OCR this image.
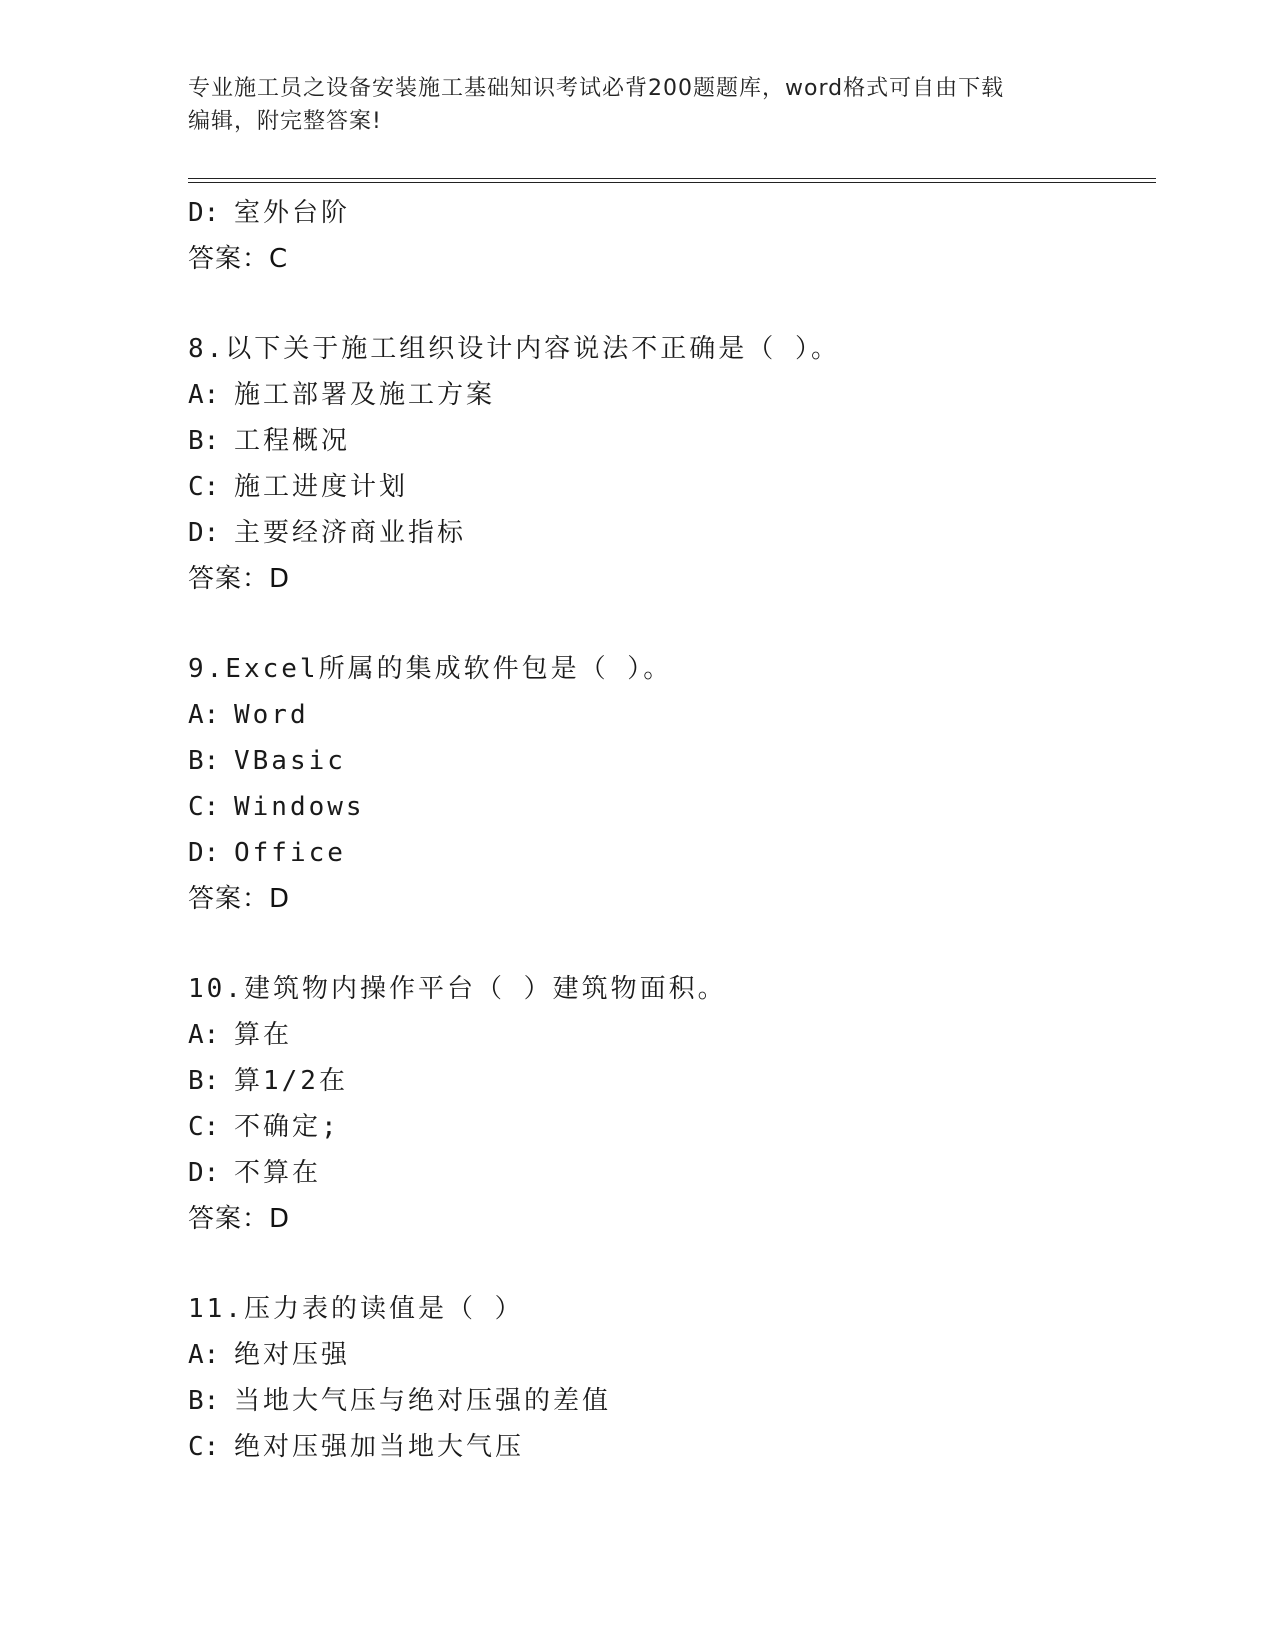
专业施工员之设备安装施工基础知识考试必背200题题库，word格式可自由下载
编辑，附完整答案!
D: 室外台阶
答案：C
8.以下关于施工组织设计内容说法不正确是（ ）。
A: 施工部署及施工方案
B: 工程概况
C: 施工进度计划
D: 主要经济商业指标
答案：D
9.Excel所属的集成软件包是（ ）。
A: Word
B: VBasic
C: Windows
D: Office
答案：D
10.建筑物内操作平台（ ）建筑物面积。
A: 算在
B: 算1/2在
C: 不确定;
D: 不算在
答案：D
11.压力表的读值是（ ）
A: 绝对压强
B: 当地大气压与绝对压强的差值
C: 绝对压强加当地大气压
